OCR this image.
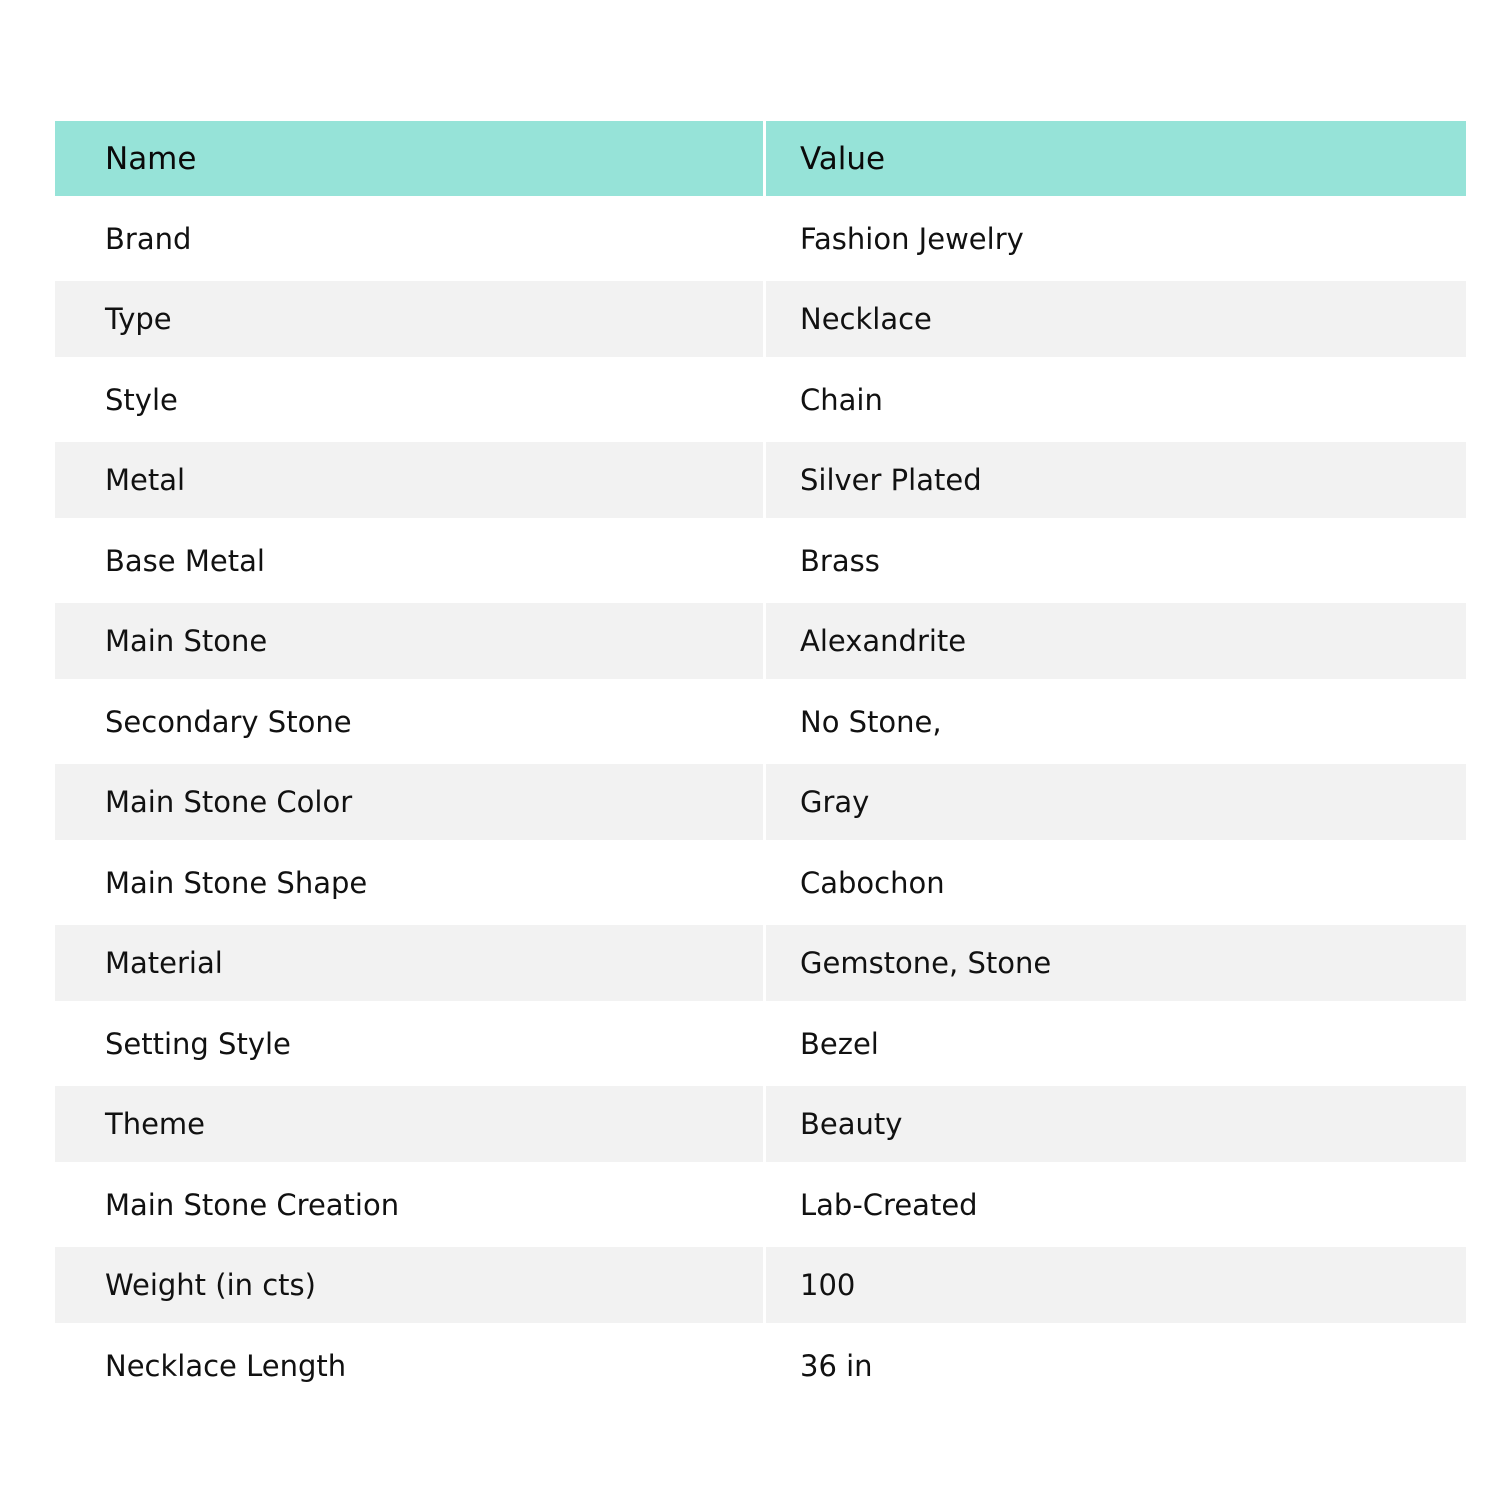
Name	Value
Brand	Fashion Jewelry
Type	Necklace
Style	Chain
Metal	Silver Plated
Base Metal	Brass
Main Stone	Alexandrite
Secondary Stone	No Stone,
Main Stone Color	Gray
Main Stone Shape	Cabochon
Material	Gemstone, Stone
Setting Style	Bezel
Theme	Beauty
Main Stone Creation	Lab-Created
Weight (in cts)	100
Necklace Length	36 in
